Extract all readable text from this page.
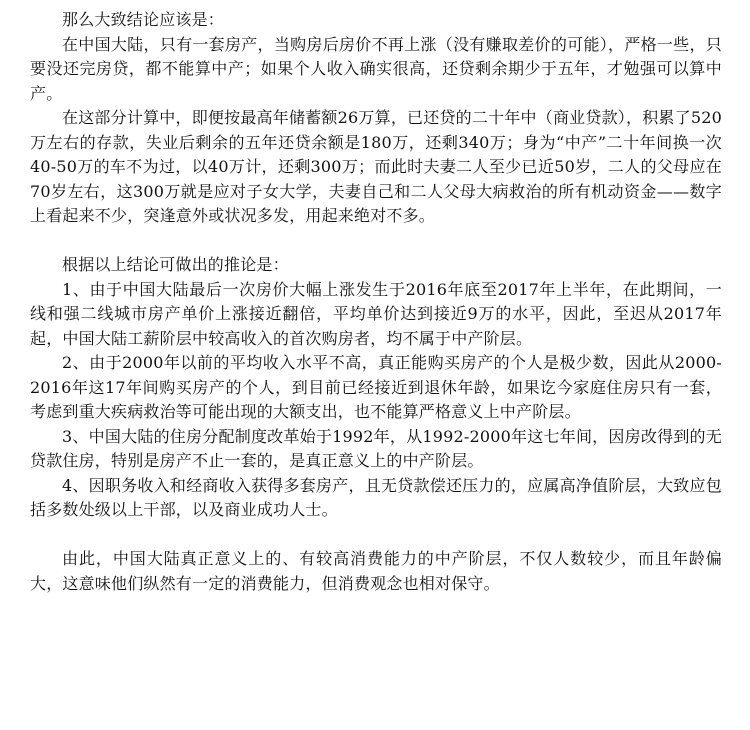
那么大致结论应该是：

在中国大陆，只有一套房产，当购房后房价不再上涨（没有赚取差价的可能），严格一些，只要没还完房贷，都不能算中产；如果个人收入确实很高，还贷剩余期少于五年，才勉强可以算中产。

在这部分计算中，即便按最高年储蓄额26万算，已还贷的二十年中（商业贷款），积累了520万左右的存款，失业后剩余的五年还贷余额是180万，还剩340万；身为“中产”二十年间换一次40-50万的车不为过，以40万计，还剩300万；而此时夫妻二人至少已近50岁，二人的父母应在70岁左右，这300万就是应对子女大学，夫妻自己和二人父母大病救治的所有机动资金——数字上看起来不少，突逢意外或状况多发，用起来绝对不多。

根据以上结论可做出的推论是：

1、由于中国大陆最后一次房价大幅上涨发生于2016年底至2017年上半年，在此期间，一线和强二线城市房产单价上涨接近翻倍，平均单价达到接近9万的水平，因此，至迟从2017年起，中国大陆工薪阶层中较高收入的首次购房者，均不属于中产阶层。

2、由于2000年以前的平均收入水平不高，真正能购买房产的个人是极少数，因此从2000-2016年这17年间购买房产的个人，到目前已经接近到退休年龄，如果讫今家庭住房只有一套，考虑到重大疾病救治等可能出现的大额支出，也不能算严格意义上中产阶层。

3、中国大陆的住房分配制度改革始于1992年，从1992-2000年这七年间，因房改得到的无贷款住房，特别是房产不止一套的，是真正意义上的中产阶层。

4、因职务收入和经商收入获得多套房产，且无贷款偿还压力的，应属高净值阶层，大致应包括多数处级以上干部，以及商业成功人士。

由此，中国大陆真正意义上的、有较高消费能力的中产阶层，不仅人数较少，而且年龄偏大，这意味他们纵然有一定的消费能力，但消费观念也相对保守。
